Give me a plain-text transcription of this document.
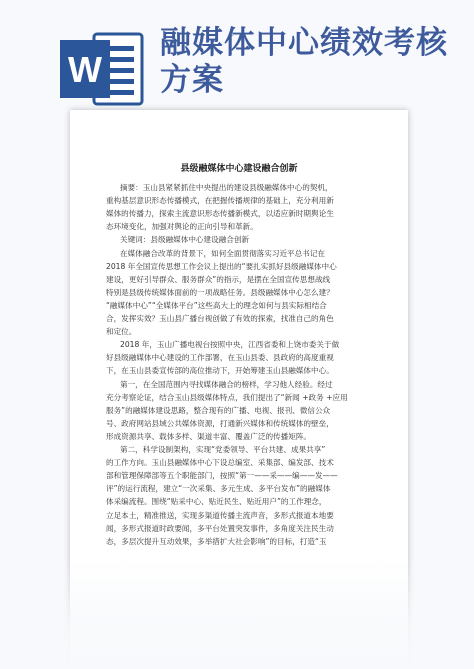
W
融媒体中心绩效考核方案
县级融媒体中心建设融合创新
摘要：玉山县紧紧抓住中央提出的建设县级融媒体中心的契机，
重构基层意识形态传播模式，在把握传播规律的基础上，充分利用新
媒体的传播力，探索主流意识形态传播新模式，以适应新时期舆论生
态环境变化，加强对舆论的正向引导和革新。
关键词：县级融媒体中心建设融合创新
在媒体融合改革的背景下，如何全面贯彻落实习近平总书记在
2018 年全国宣传思想工作会议上提出的“要扎实抓好县级融媒体中心
建设，更好引导群众、服务群众”的指示，是摆在全国宣传思想战线
特别是县级传统媒体面前的一项战略任务。县级融媒体中心怎么建？
“融媒体中心”“全媒体平台”这些高大上的理念如何与县实际相结合
合，发挥实效？玉山县广播台视创做了有效的探索，找准自己的角色
和定位。
2018 年，玉山广播电视台按照中央，江西省委和上饶市委关于做
好县级融媒体中心建设的工作部署，在玉山县委、县政府的高度重视
下，在玉山县委宣传部的高位推动下，开始筹建玉山县融媒体中心。
第一，在全国范围内寻找媒体融合的榜样，学习他人经验。经过
充分考察论证，结合玉山县级媒体特点，我们提出了“新闻 +政务 +应用
服务”的融媒体建设思路，整合现有的广播、电视、报刊、微信公众
号、政府网站县域公共媒体资源，打通新兴媒体和传统媒体的壁垒，
形成资源共享、载体多样、渠道丰富、覆盖广泛的传播矩阵。
第二，科学设制架构，实现“党委领导、平台共建、成果共享”
的工作方向。玉山县融媒体中心下设总编室、采集部、编发部、技术
部和管理保障部等五个职能部门，按照“第一——采——编——发——
评”的运行流程，建立“一次采集、多元生成、多平台发布”的融媒体
体采编流程。围绕“贴采中心、贴近民生、贴近用户”的工作理念，
立足本土，精准推送，实现多渠道传播主流声音，多形式报道本地要
闻，多形式报道时政要闻，多平台处置突发事件，多角度关注民生动
态，多层次提升互动效果，多举措扩大社会影响”的目标，打造“玉
